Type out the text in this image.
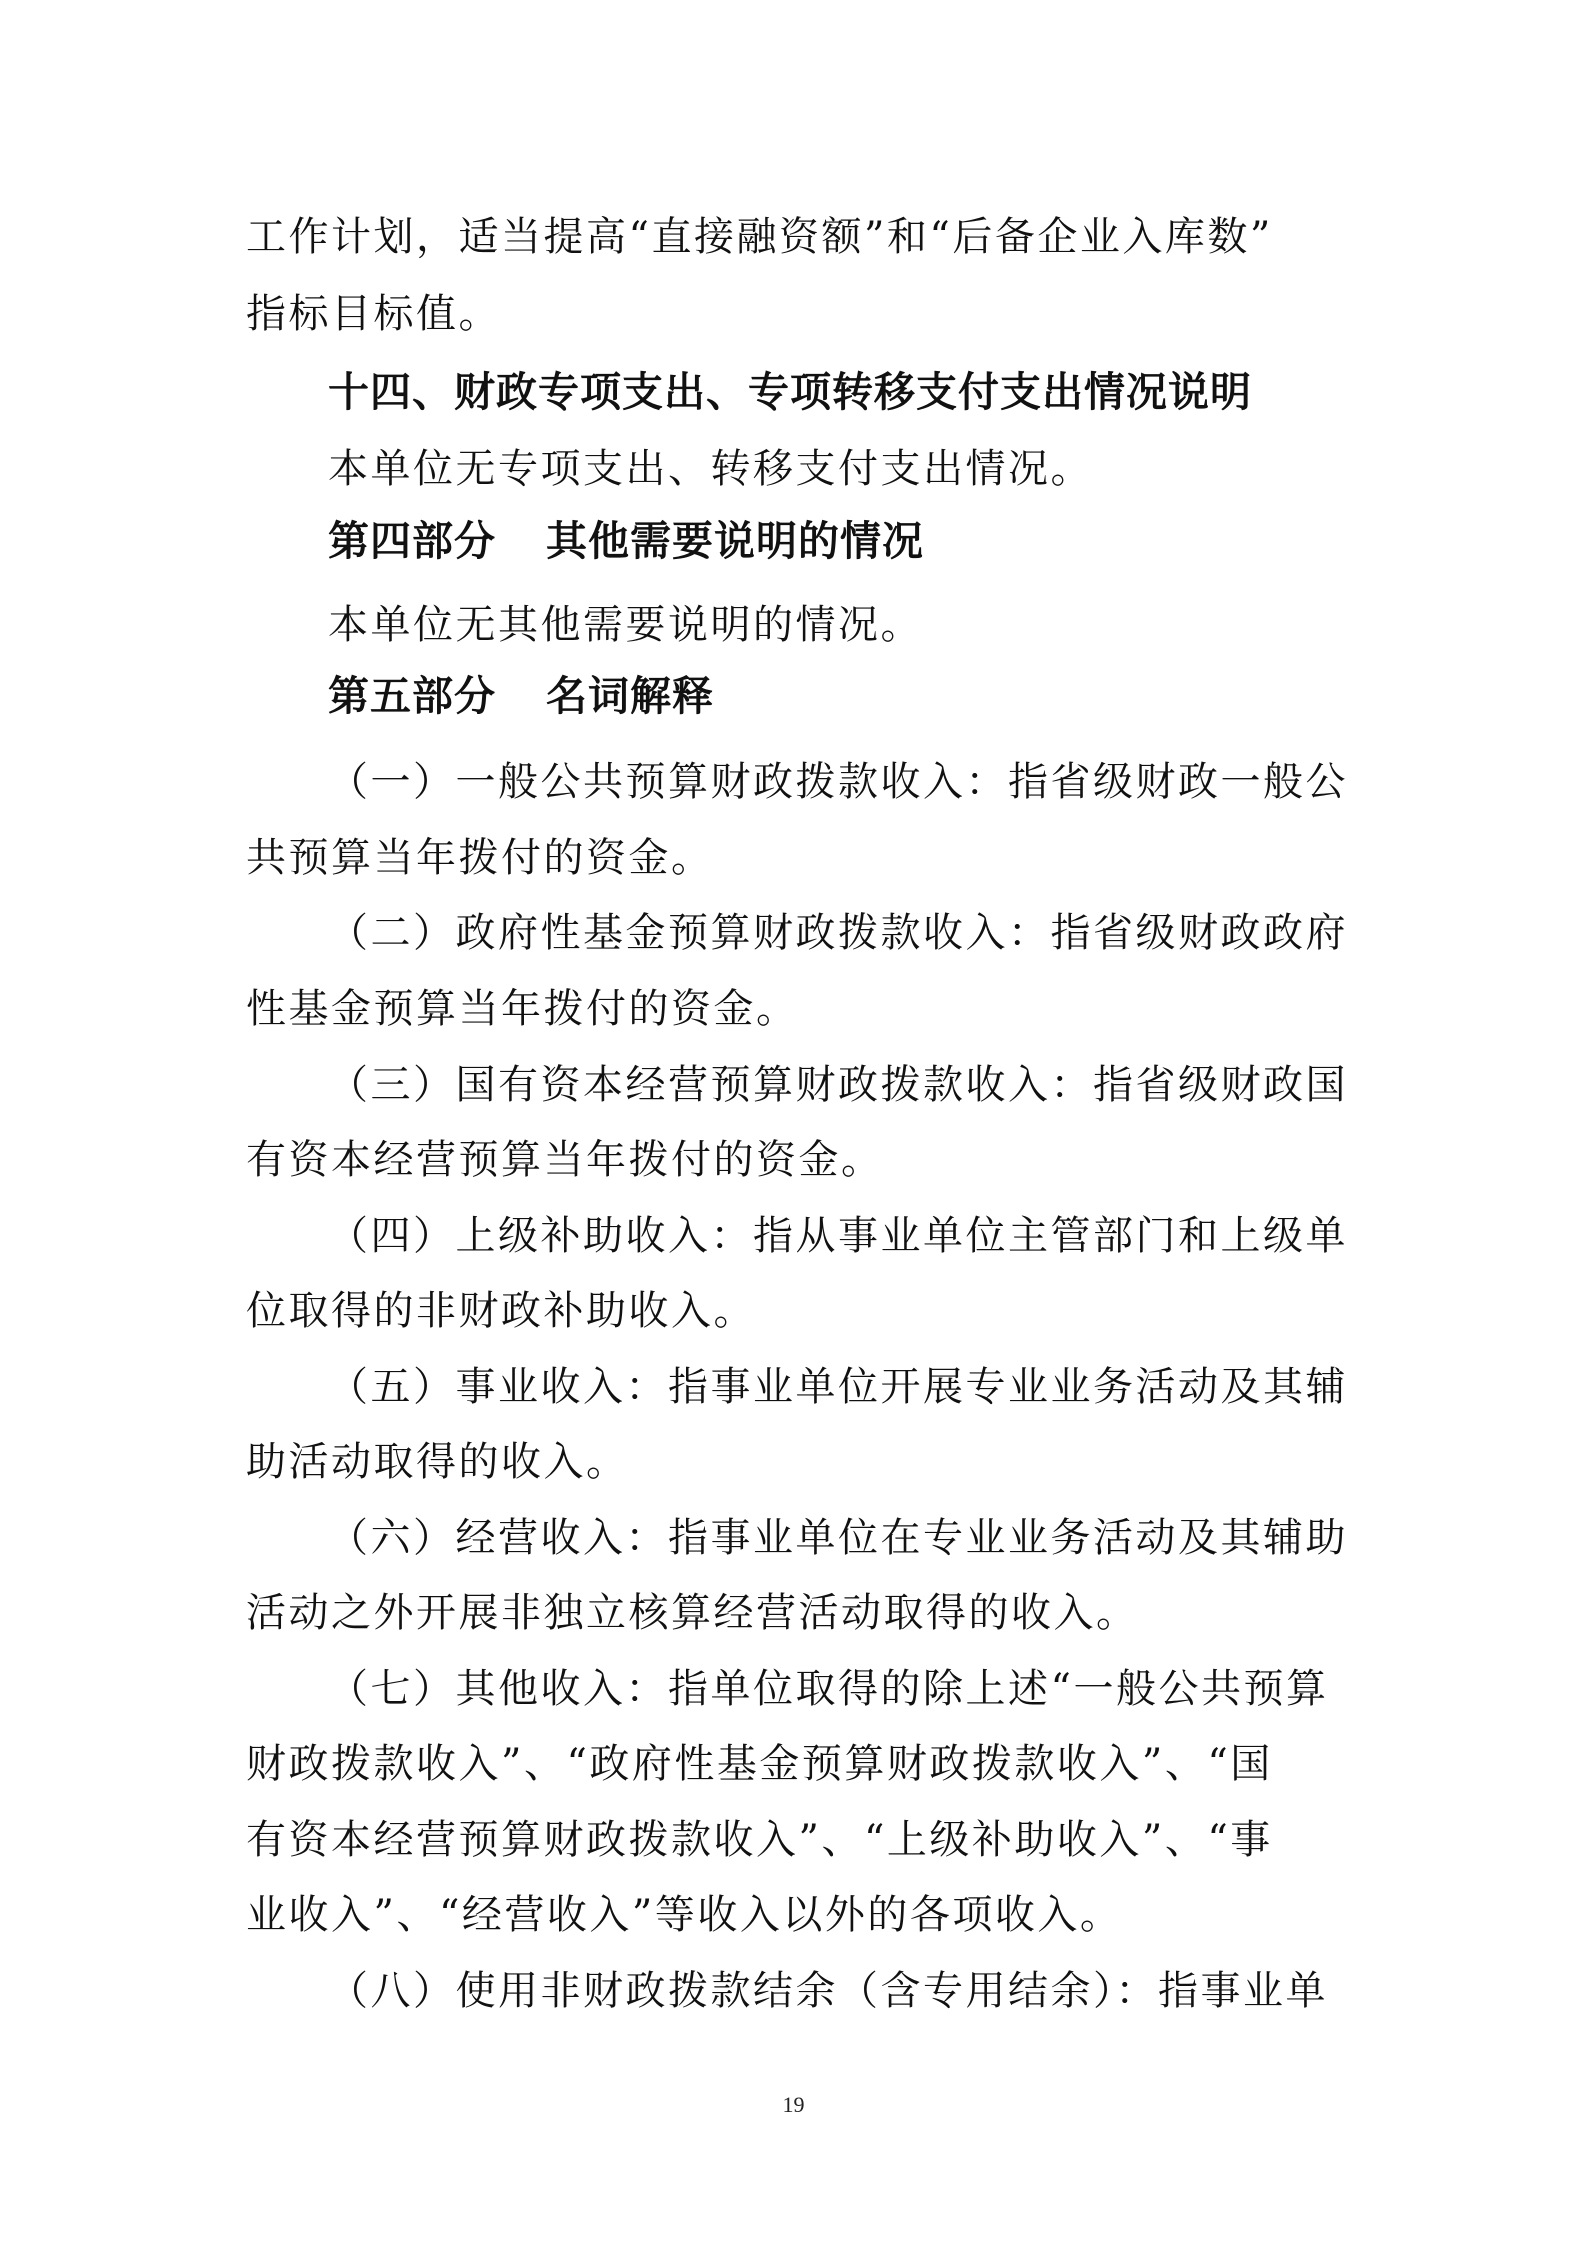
工作计划，适当提高“直接融资额”和“后备企业入库数”
指标目标值。
十四、财政专项支出、专项转移支付支出情况说明
本单位无专项支出、转移支付支出情况。
第四部分 其他需要说明的情况
本单位无其他需要说明的情况。
第五部分 名词解释
（一）一般公共预算财政拨款收入：指省级财政一般公
共预算当年拨付的资金。
（二）政府性基金预算财政拨款收入：指省级财政政府
性基金预算当年拨付的资金。
（三）国有资本经营预算财政拨款收入：指省级财政国
有资本经营预算当年拨付的资金。
（四）上级补助收入：指从事业单位主管部门和上级单
位取得的非财政补助收入。
（五）事业收入：指事业单位开展专业业务活动及其辅
助活动取得的收入。
（六）经营收入：指事业单位在专业业务活动及其辅助
活动之外开展非独立核算经营活动取得的收入。
（七）其他收入：指单位取得的除上述“一般公共预算
财政拨款收入”、“政府性基金预算财政拨款收入”、“国
有资本经营预算财政拨款收入”、“上级补助收入”、“事
业收入”、“经营收入”等收入以外的各项收入。
（八）使用非财政拨款结余（含专用结余）：指事业单
19
